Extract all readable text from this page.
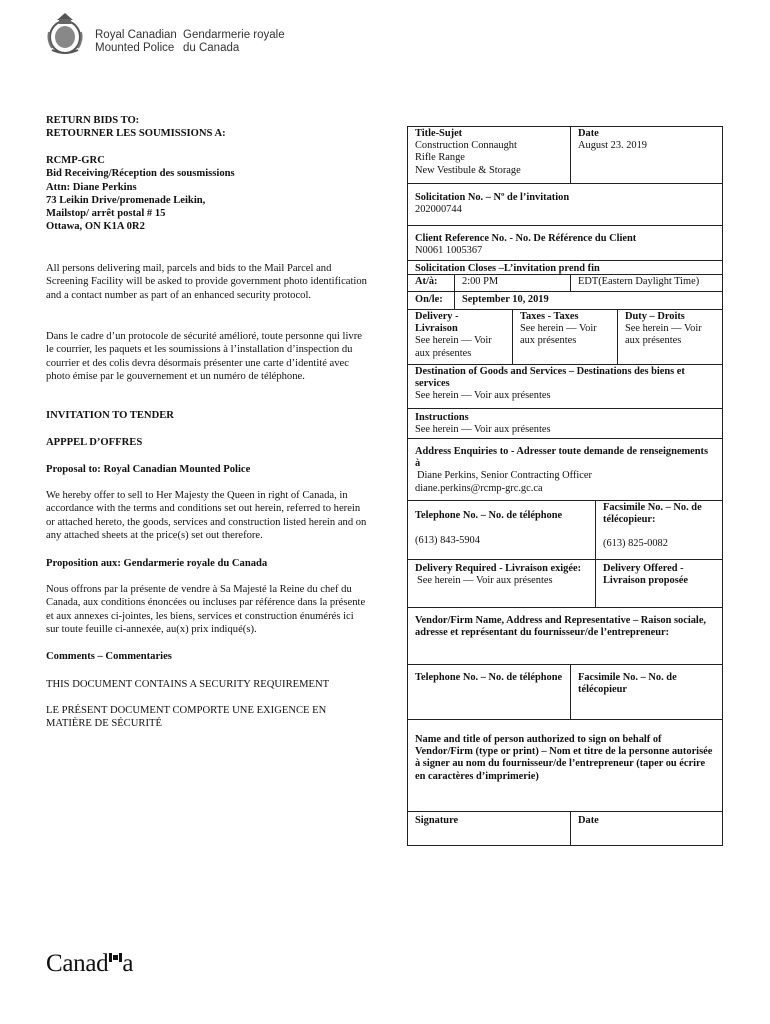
Royal Canadian Gendarmerie royale
Mounted Police du Canada

RETURN BIDS TO:

RETOURNER LES SOUMISSIONS A:

RCMP-GRC

Bid Receiving/Réception des sousmissions

Attn: Diane Perkins

73 Leikin Drive/promenade Leikin,

Mailstop/ arrêt postal # 15

Ottawa, ON K1A 0R2

All persons delivering mail, parcels and bids to the Mail Parcel and Screening Facility will be asked to provide government photo identification and a contact number as part of an enhanced security protocol.

Dans le cadre d’un protocole de sécurité amélioré, toute personne qui livre le courrier, les paquets et les soumissions à l’installation d’inspection du courrier et des colis devra désormais présenter une carte d’identité avec photo émise par le gouvernement et un numéro de téléphone.

INVITATION TO TENDER

APPPEL D’OFFRES

Proposal to: Royal Canadian Mounted Police

We hereby offer to sell to Her Majesty the Queen in right of Canada, in accordance with the terms and conditions set out herein, referred to herein or attached hereto, the goods, services and construction listed herein and on any attached sheets at the price(s) set out therefore.

Proposition aux: Gendarmerie royale du Canada

Nous offrons par la présente de vendre à Sa Majesté la Reine du chef du Canada, aux conditions énoncées ou incluses par référence dans la présente et aux annexes ci-jointes, les biens, services et construction énumérés ici sur toute feuille ci-annexée, au(x) prix indiqué(s).

Comments – Commentaries

THIS DOCUMENT CONTAINS A SECURITY REQUIREMENT

LE PRÉSENT DOCUMENT COMPORTE UNE EXIGENCE EN MATIÈRE DE SÉCURITÉ

Title-Sujet
Construction Connaught
Rifle Range
New Vestibule & Storage
Date
August 23. 2019
Solicitation No. – Nº de l’invitation
202000744
Client Reference No. - No. De Référence du Client
N0061 1005367
Solicitation Closes –L’invitation prend fin
At/à:	2:00 PM	EDT(Eastern Daylight Time)
On/le:	September 10, 2019
Delivery -
Livraison
See herein — Voir aux présentes
Taxes - Taxes
See herein — Voir aux présentes
Duty – Droits
See herein — Voir aux présentes
Destination of Goods and Services – Destinations des biens et services
See herein — Voir aux présentes
Instructions
See herein — Voir aux présentes
Address Enquiries to - Adresser toute demande de renseignements à
Diane Perkins, Senior Contracting Officer
diane.perkins@rcmp-grc.gc.ca
Telephone No. – No. de téléphone
(613) 843-5904
Facsimile No. – No. de télécopieur:
(613) 825-0082
Delivery Required - Livraison exigée:
See herein — Voir aux présentes
Delivery Offered - Livraison proposée
Vendor/Firm Name, Address and Representative – Raison sociale, adresse et représentant du fournisseur/de l’entrepreneur:
Telephone No. – No. de téléphone	Facsimile No. – No. de télécopieur
Name and title of person authorized to sign on behalf of Vendor/Firm (type or print) – Nom et titre de la personne autorisée à signer au nom du fournisseur/de l’entrepreneur (taper ou écrire en caractères d’imprimerie)
Signature	Date
Canad a
